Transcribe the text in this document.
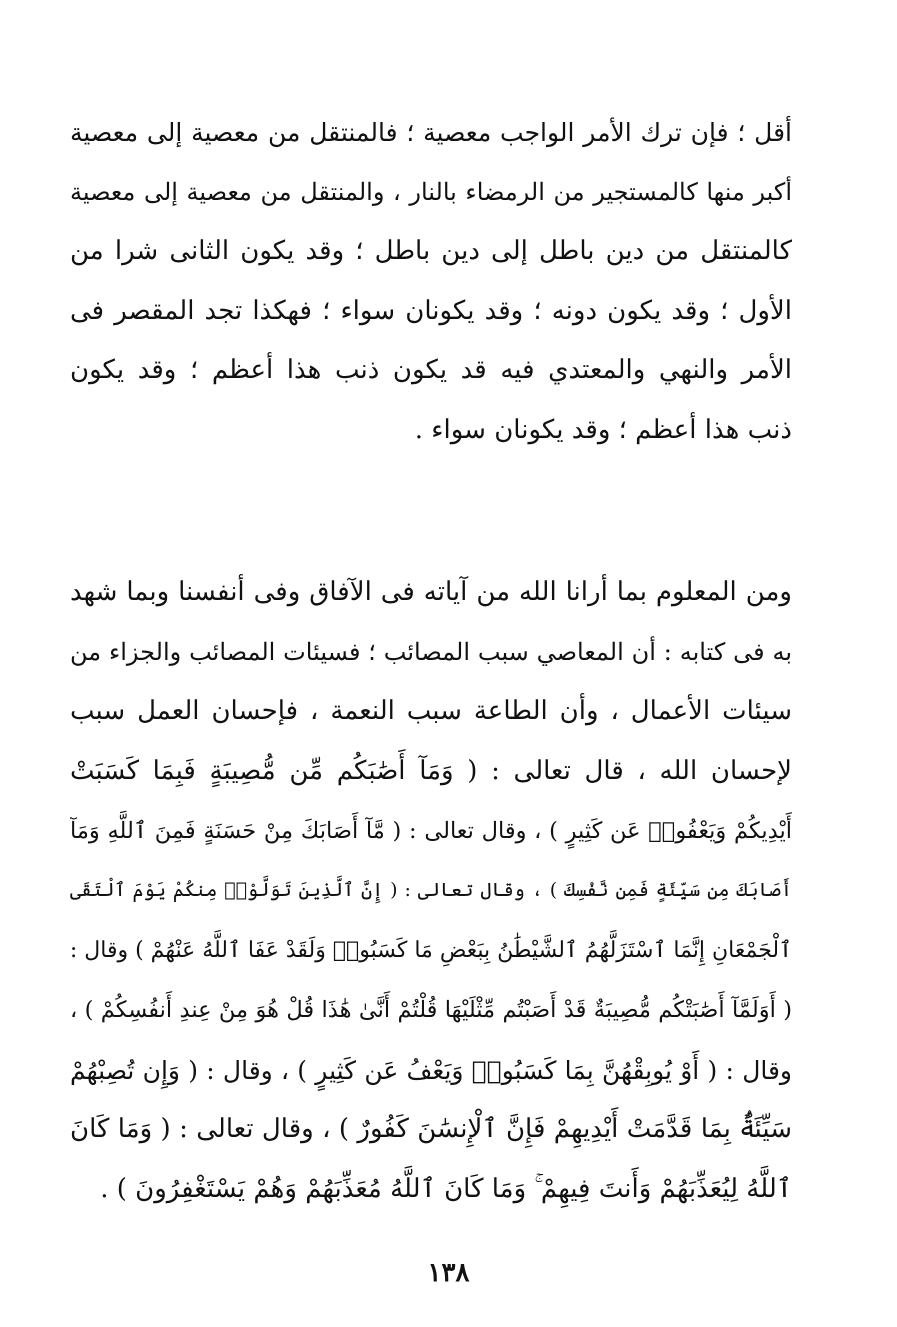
أقل ؛ فإن ترك الأمر الواجب معصية ؛ فالمنتقل من معصية إلى معصية
أكبر منها كالمستجير من الرمضاء بالنار ، والمنتقل من معصية إلى معصية
كالمنتقل من دين باطل إلى دين باطل ؛ وقد يكون الثانى شرا من
الأول ؛ وقد يكون دونه ؛ وقد يكونان سواء ؛ فهكذا تجد المقصر فى
الأمر والنهي والمعتدي فيه قد يكون ذنب هذا أعظم ؛ وقد يكون
ذنب هذا أعظم ؛ وقد يكونان سواء .
ومن المعلوم بما أرانا الله من آياته فى الآفاق وفى أنفسنا وبما شهد
به فى كتابه : أن المعاصي سبب المصائب ؛ فسيئات المصائب والجزاء من
سيئات الأعمال ، وأن الطاعة سبب النعمة ، فإحسان العمل سبب
لإحسان الله ، قال تعالى : ( وَمَآ أَصَٰبَكُم مِّن مُّصِيبَةٍ فَبِمَا كَسَبَتْ
أَيْدِيكُمْ وَيَعْفُوا۟ عَن كَثِيرٍ ) ، وقال تعالى : ( مَّآ أَصَابَكَ مِنْ حَسَنَةٍ فَمِنَ ٱللَّهِ وَمَآ
أَصَابَكَ مِن سَيِّئَةٍ فَمِن نَّفْسِكَ ) ، وقال تعالى : ( إِنَّ ٱلَّذِينَ تَوَلَّوْا۟ مِنكُمْ يَوْمَ ٱلْتَقَى
ٱلْجَمْعَانِ إِنَّمَا ٱسْتَزَلَّهُمُ ٱلشَّيْطَٰنُ بِبَعْضِ مَا كَسَبُوا۟ وَلَقَدْ عَفَا ٱللَّهُ عَنْهُمْ ) وقال :
( أَوَلَمَّآ أَصَٰبَتْكُم مُّصِيبَةٌ قَدْ أَصَبْتُم مِّثْلَيْهَا قُلْتُمْ أَنَّىٰ هَٰذَا قُلْ هُوَ مِنْ عِندِ أَنفُسِكُمْ ) ،
وقال : ( أَوْ يُوبِقْهُنَّ بِمَا كَسَبُوا۟ وَيَعْفُ عَن كَثِيرٍ ) ، وقال : ( وَإِن تُصِبْهُمْ
سَيِّئَةٌۢ بِمَا قَدَّمَتْ أَيْدِيهِمْ فَإِنَّ ٱلْإِنسَٰنَ كَفُورٌ ) ، وقال تعالى : ( وَمَا كَانَ
ٱللَّهُ لِيُعَذِّبَهُمْ وَأَنتَ فِيهِمْ ۚ وَمَا كَانَ ٱللَّهُ مُعَذِّبَهُمْ وَهُمْ يَسْتَغْفِرُونَ ) .
١٣٨
